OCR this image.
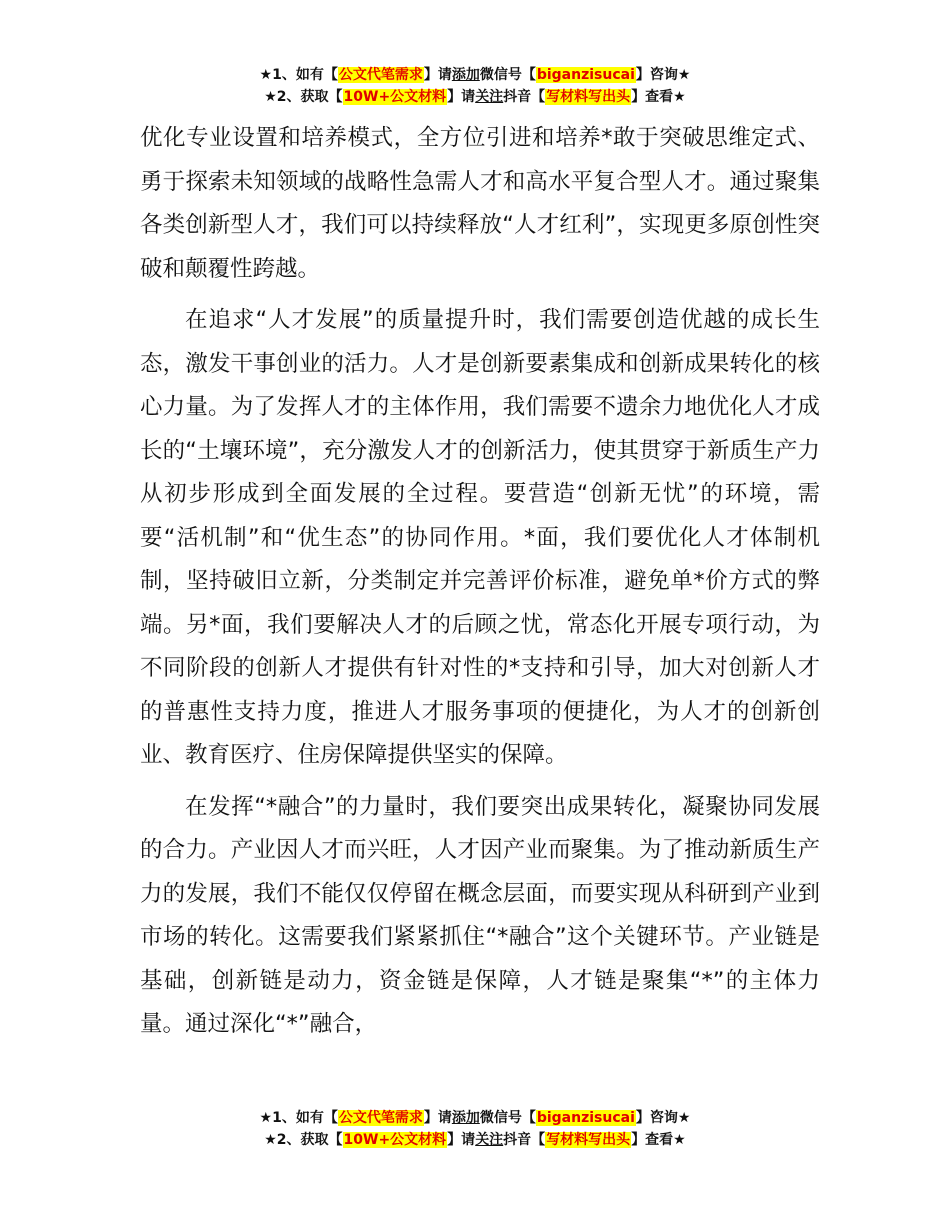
★1、如有【公文代笔需求】请添加微信号【biganzisucai】咨询★
★2、获取【10W+公文材料】请关注抖音【写材料写出头】查看★

优化专业设置和培养模式，全方位引进和培养*敢于突破思维定式、勇于探索未知领域的战略性急需人才和高水平复合型人才。通过聚集各类创新型人才，我们可以持续释放“人才红利”，实现更多原创性突破和颠覆性跨越。

在追求“人才发展”的质量提升时，我们需要创造优越的成长生态，激发干事创业的活力。人才是创新要素集成和创新成果转化的核心力量。为了发挥人才的主体作用，我们需要不遗余力地优化人才成长的“土壤环境”，充分激发人才的创新活力，使其贯穿于新质生产力从初步形成到全面发展的全过程。要营造“创新无忧”的环境，需要“活机制”和“优生态”的协同作用。*面，我们要优化人才体制机制，坚持破旧立新，分类制定并完善评价标准，避免单*价方式的弊端。另*面，我们要解决人才的后顾之忧，常态化开展专项行动，为不同阶段的创新人才提供有针对性的*支持和引导，加大对创新人才的普惠性支持力度，推进人才服务事项的便捷化，为人才的创新创业、教育医疗、住房保障提供坚实的保障。

在发挥“*融合”的力量时，我们要突出成果转化，凝聚协同发展的合力。产业因人才而兴旺，人才因产业而聚集。为了推动新质生产力的发展，我们不能仅仅停留在概念层面，而要实现从科研到产业到市场的转化。这需要我们紧紧抓住“*融合”这个关键环节。产业链是基础，创新链是动力，资金链是保障，人才链是聚集“*”的主体力量。通过深化“*”融合，

★1、如有【公文代笔需求】请添加微信号【biganzisucai】咨询★
★2、获取【10W+公文材料】请关注抖音【写材料写出头】查看★
